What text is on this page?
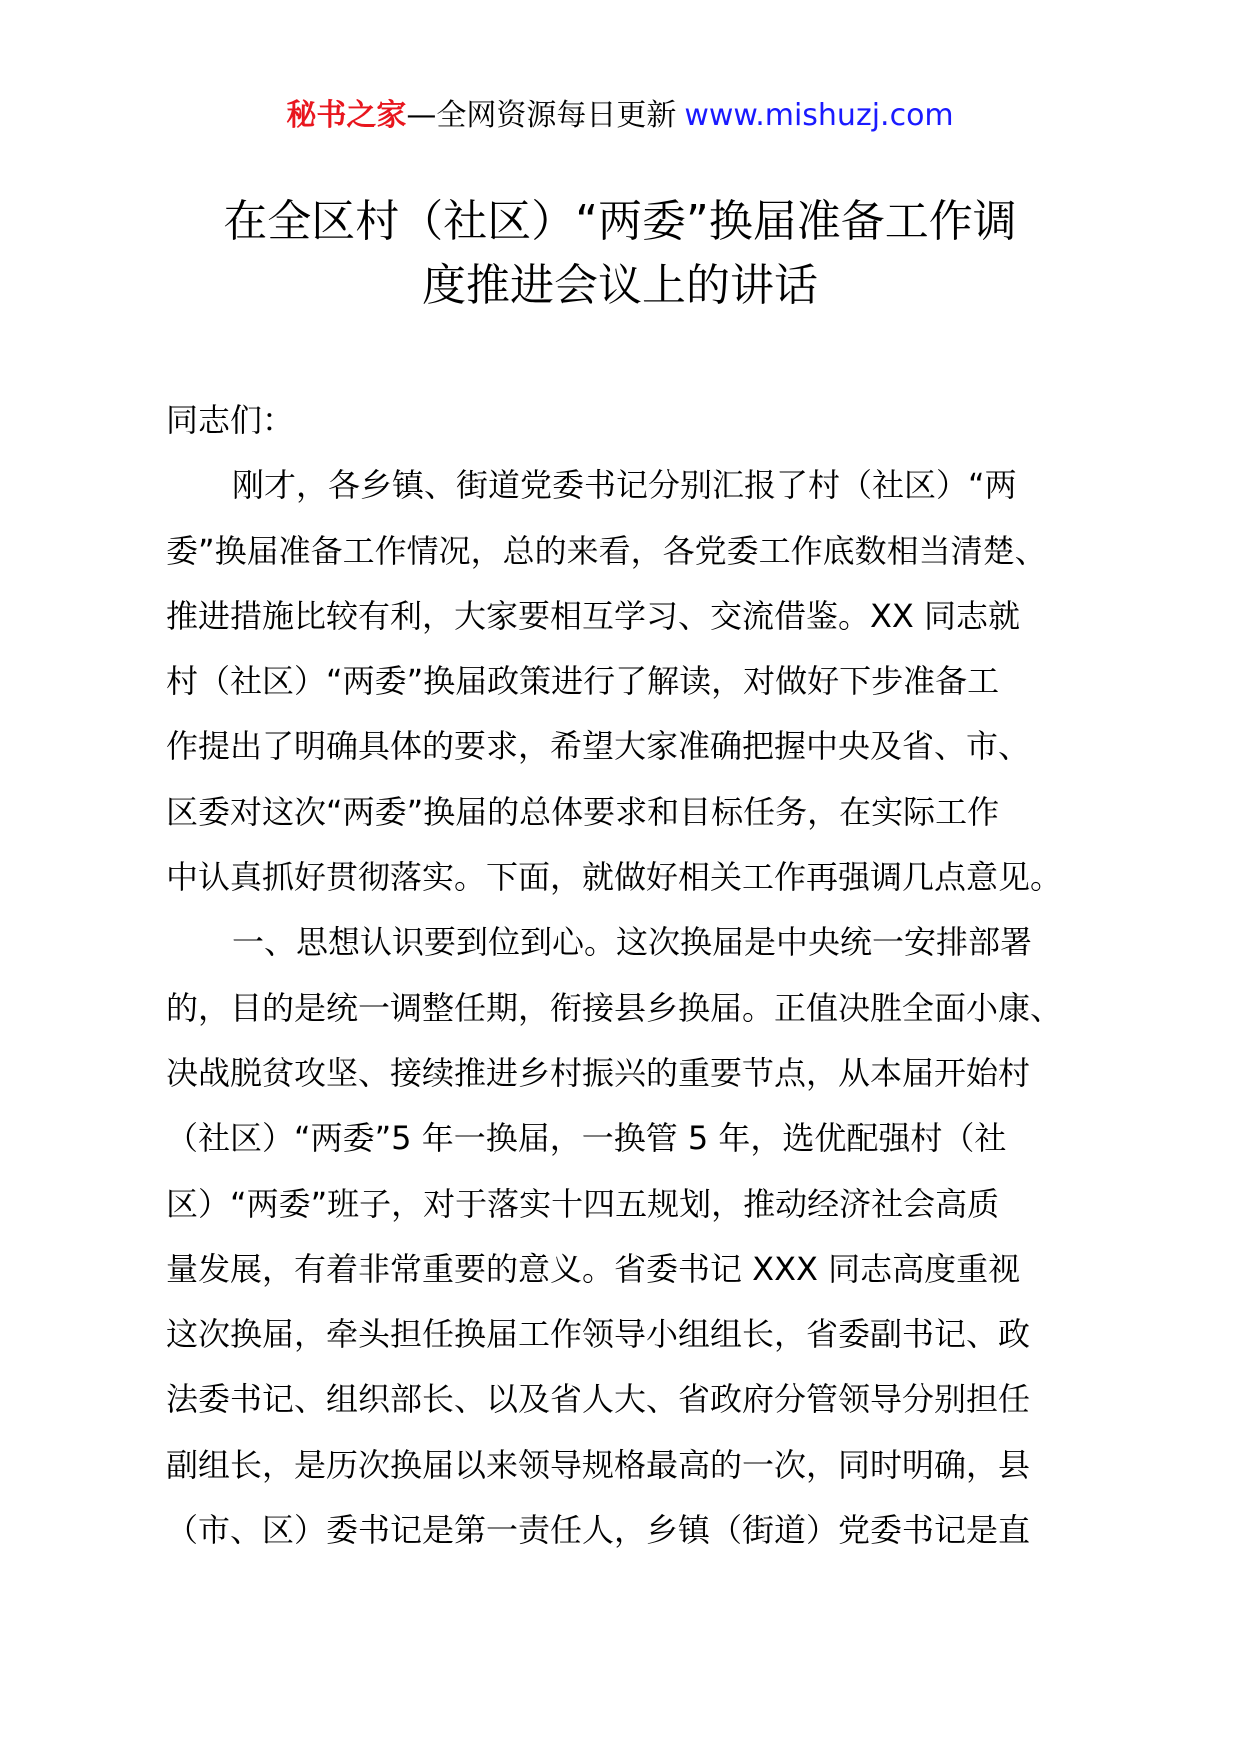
秘书之家—全网资源每日更新 www.mishuzj.com
在全区村（社区）“两委”换届准备工作调
度推进会议上的讲话
同志们：
刚才，各乡镇、街道党委书记分别汇报了村（社区）“两
委”换届准备工作情况，总的来看，各党委工作底数相当清楚、
推进措施比较有利，大家要相互学习、交流借鉴。XX 同志就
村（社区）“两委”换届政策进行了解读，对做好下步准备工
作提出了明确具体的要求，希望大家准确把握中央及省、市、
区委对这次“两委”换届的总体要求和目标任务，在实际工作
中认真抓好贯彻落实。下面，就做好相关工作再强调几点意见。
一、思想认识要到位到心。这次换届是中央统一安排部署
的，目的是统一调整任期，衔接县乡换届。正值决胜全面小康、
决战脱贫攻坚、接续推进乡村振兴的重要节点，从本届开始村
（社区）“两委”5 年一换届，一换管 5 年，选优配强村（社
区）“两委”班子，对于落实十四五规划，推动经济社会高质
量发展，有着非常重要的意义。省委书记 XXX 同志高度重视
这次换届，牵头担任换届工作领导小组组长，省委副书记、政
法委书记、组织部长、以及省人大、省政府分管领导分别担任
副组长，是历次换届以来领导规格最高的一次，同时明确，县
（市、区）委书记是第一责任人，乡镇（街道）党委书记是直
